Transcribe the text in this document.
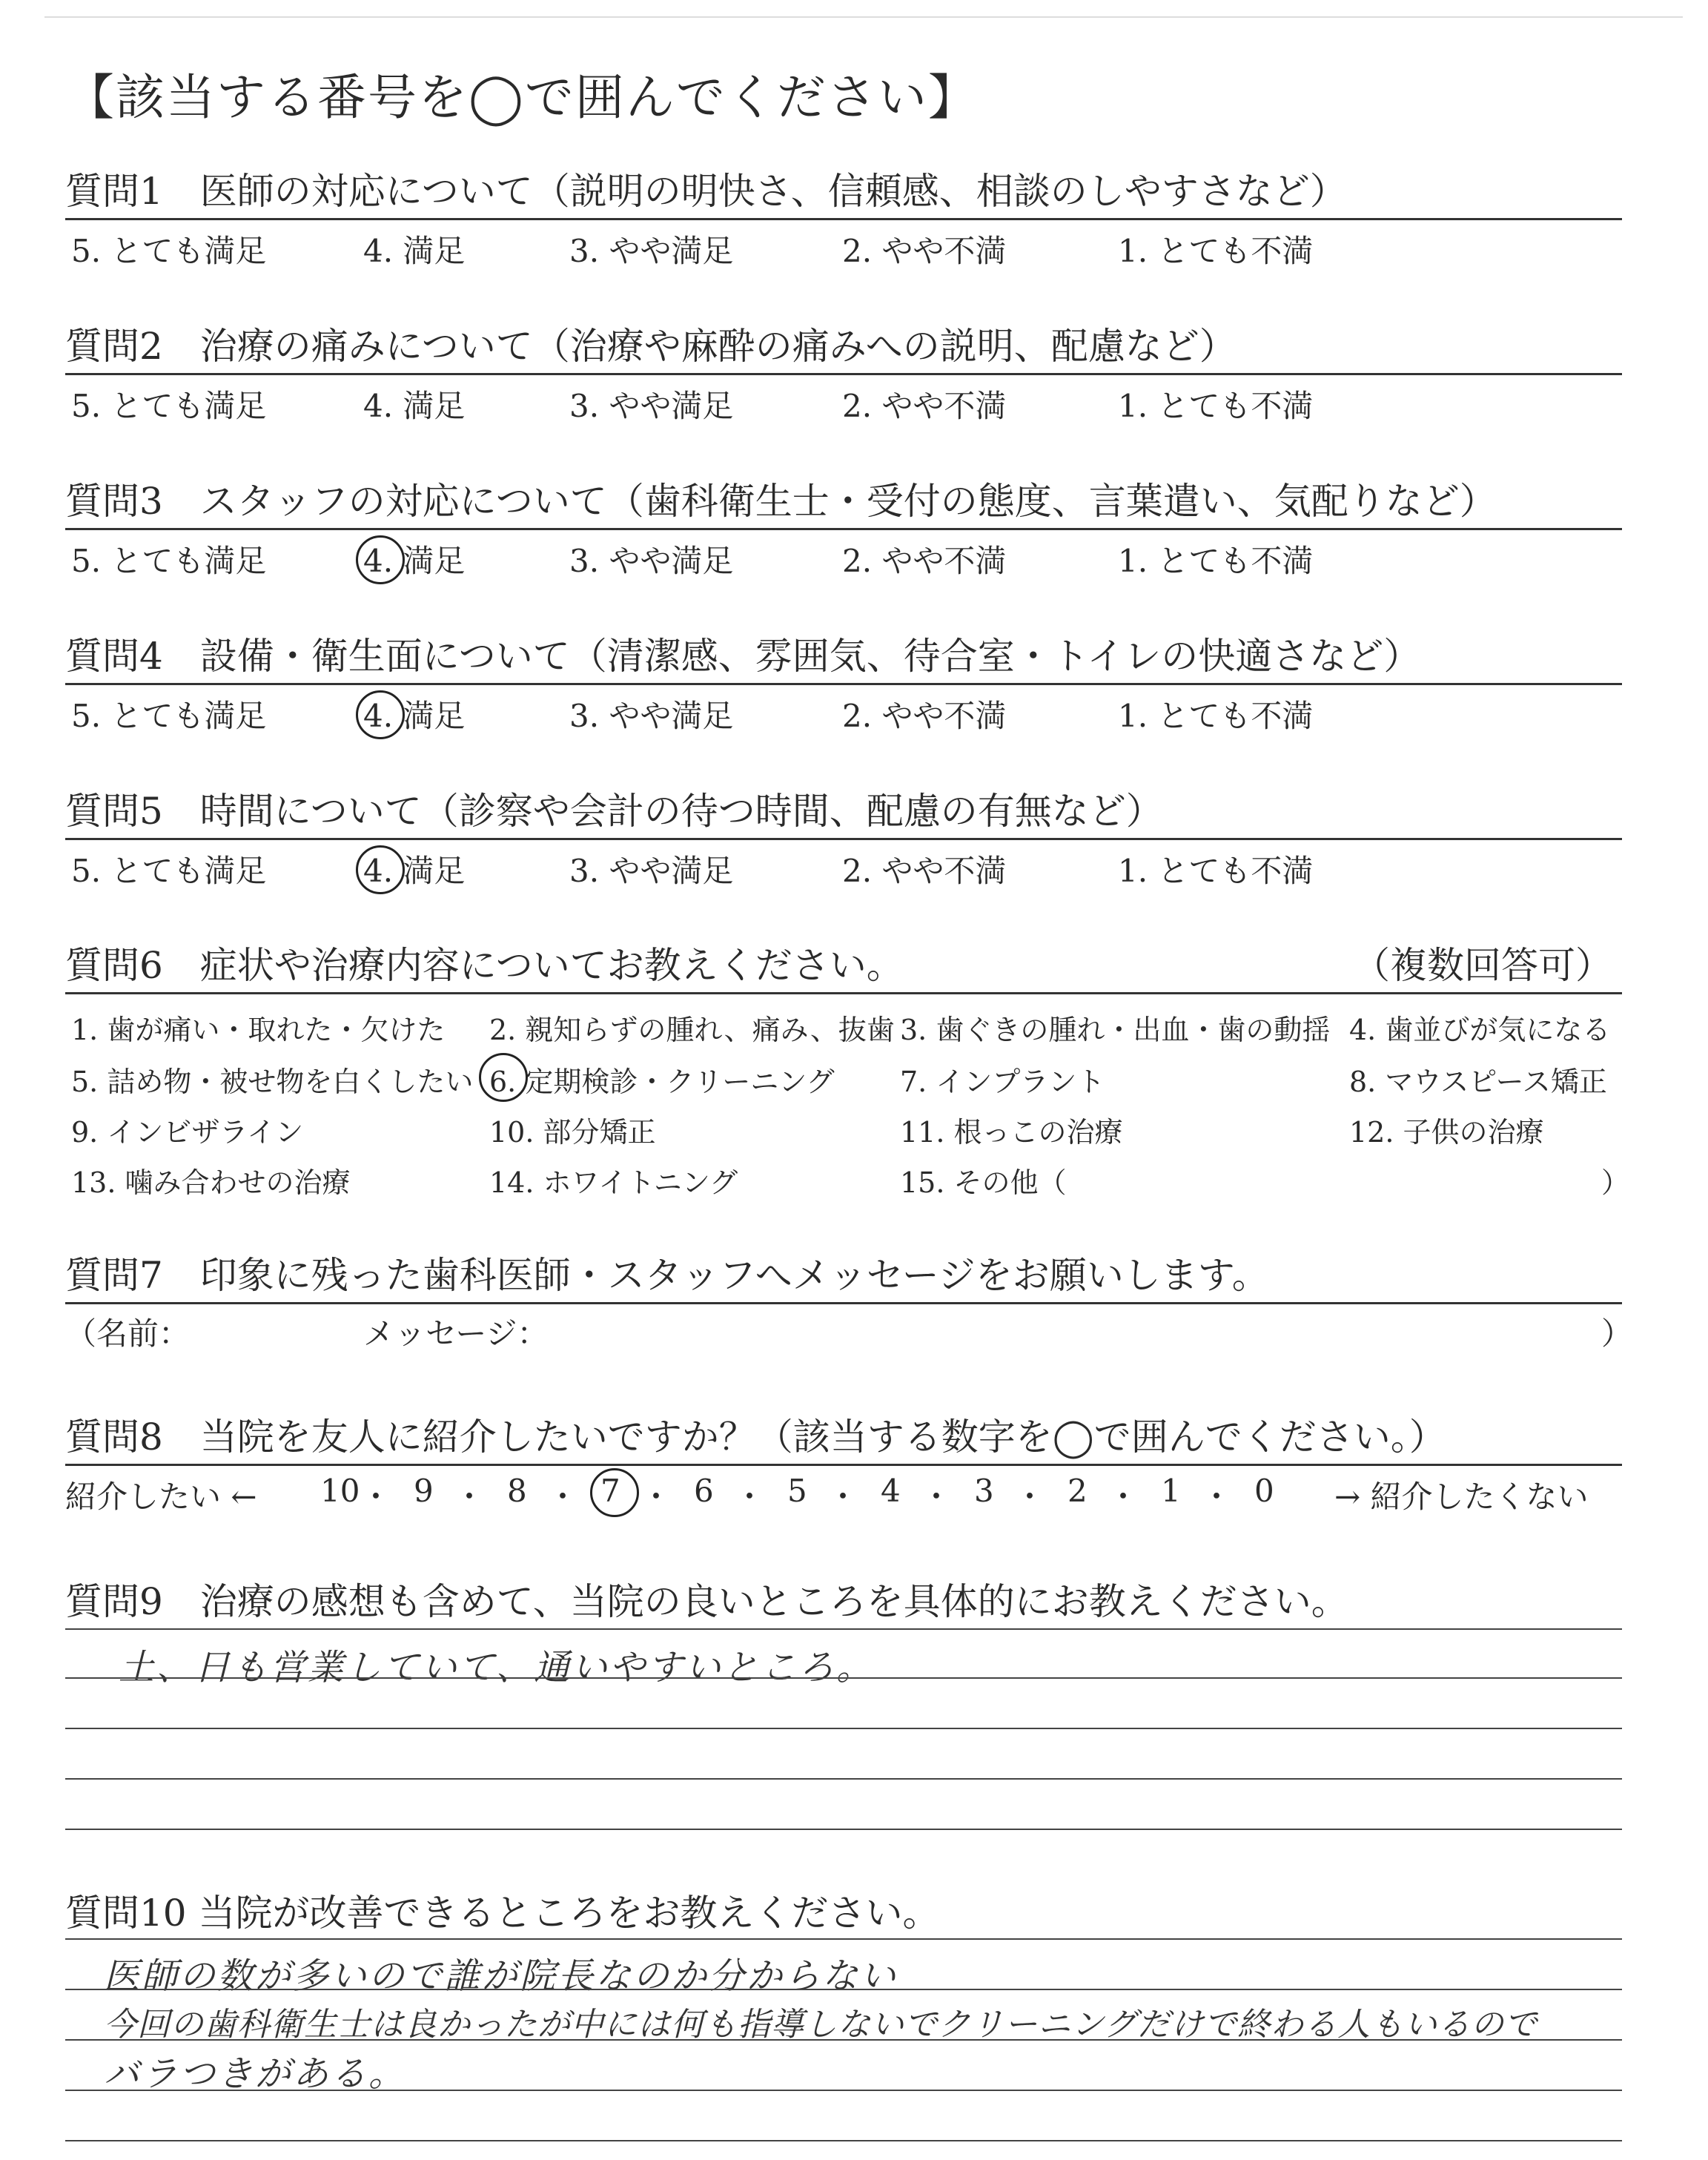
【該当する番号を◯で囲んでください】
質問1　医師の対応について（説明の明快さ、信頼感、相談のしやすさなど）
5. とても満足	4. 満足	3. やや満足	2. やや不満	1. とても不満
質問2　治療の痛みについて（治療や麻酔の痛みへの説明、配慮など）
5. とても満足	4. 満足	3. やや満足	2. やや不満	1. とても不満
質問3　スタッフの対応について（歯科衛生士・受付の態度、言葉遣い、気配りなど）
5. とても満足	4. 満足	3. やや満足	2. やや不満	1. とても不満
質問4　設備・衛生面について（清潔感、雰囲気、待合室・トイレの快適さなど）
5. とても満足	4. 満足	3. やや満足	2. やや不満	1. とても不満
質問5　時間について（診察や会計の待つ時間、配慮の有無など）
5. とても満足	4. 満足	3. やや満足	2. やや不満	1. とても不満
質問6　症状や治療内容についてお教えください。	（複数回答可）
1. 歯が痛い・取れた・欠けた 2. 親知らずの腫れ、痛み、抜歯 3. 歯ぐきの腫れ・出血・歯の動揺 4. 歯並びが気になる
5. 詰め物・被せ物を白くしたい 6. 定期検診・クリーニング 7. インプラント	8. マウスピース矯正
9. インビザライン	10. 部分矯正	11. 根っこの治療	12. 子供の治療
13. 噛み合わせの治療	14. ホワイトニング	15. その他（	）
質問7　印象に残った歯科医師・スタッフへメッセージをお願いします。
（名前：	メッセージ：	）
質問8　当院を友人に紹介したいですか？（該当する数字を◯で囲んでください。）
紹介したい ← 10 ・ 9 ・ 8 ・ 7 ・ 6 ・ 5 ・ 4 ・ 3 ・ 2 ・ 1 ・ 0 → 紹介したくない
質問9　治療の感想も含めて、当院の良いところを具体的にお教えください。
土、日も営業していて、通いやすいところ。
質問10 当院が改善できるところをお教えください。
医師の数が多いので誰が院長なのか分からない
今回の歯科衛生士は良かったが中には何も指導しないでクリーニングだけで終わる人もいるので
バラつきがある。
